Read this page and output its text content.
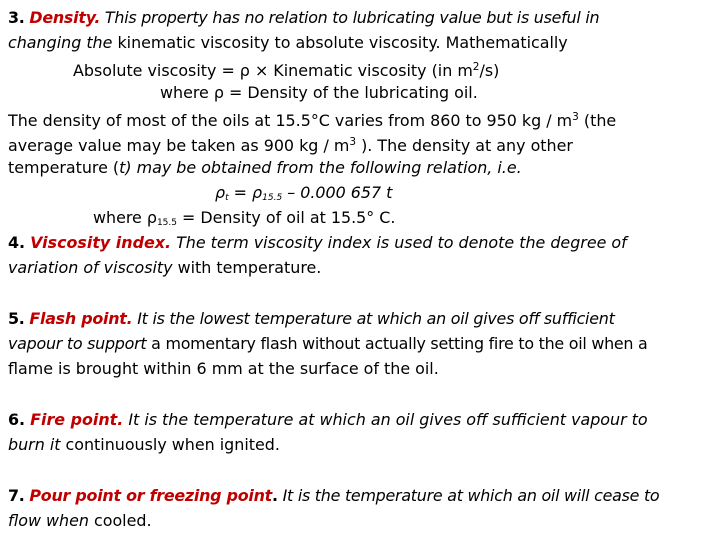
3. Density. This property has no relation to lubricating value but is useful in
changing the kinematic viscosity to absolute viscosity. Mathematically
Absolute viscosity = ρ × Kinematic viscosity (in $m^2/s$)
where ρ = Density of the lubricating oil.
The density of most of the oils at 15.5°C varies from 860 to 950 kg / $m^3$ (the
average value may be taken as 900 kg / $m^3$ ). The density at any other
temperature (t) may be obtained from the following relation, i.e.
$\rho_t = \rho_{15.5} - 0.000$ 657 t
where $\rho_{15.5}$ = Density of oil at 15.5° C.
4. Viscosity index. The term viscosity index is used to denote the degree of
variation of viscosity with temperature.
5. Flash point. It is the lowest temperature at which an oil gives off sufficient
vapour to support a momentary flash without actually setting fire to the oil when a
flame is brought within 6 mm at the surface of the oil.
6. Fire point. It is the temperature at which an oil gives off sufficient vapour to
burn it continuously when ignited.
7. Pour point or freezing point. It is the temperature at which an oil will cease to
flow when cooled.
